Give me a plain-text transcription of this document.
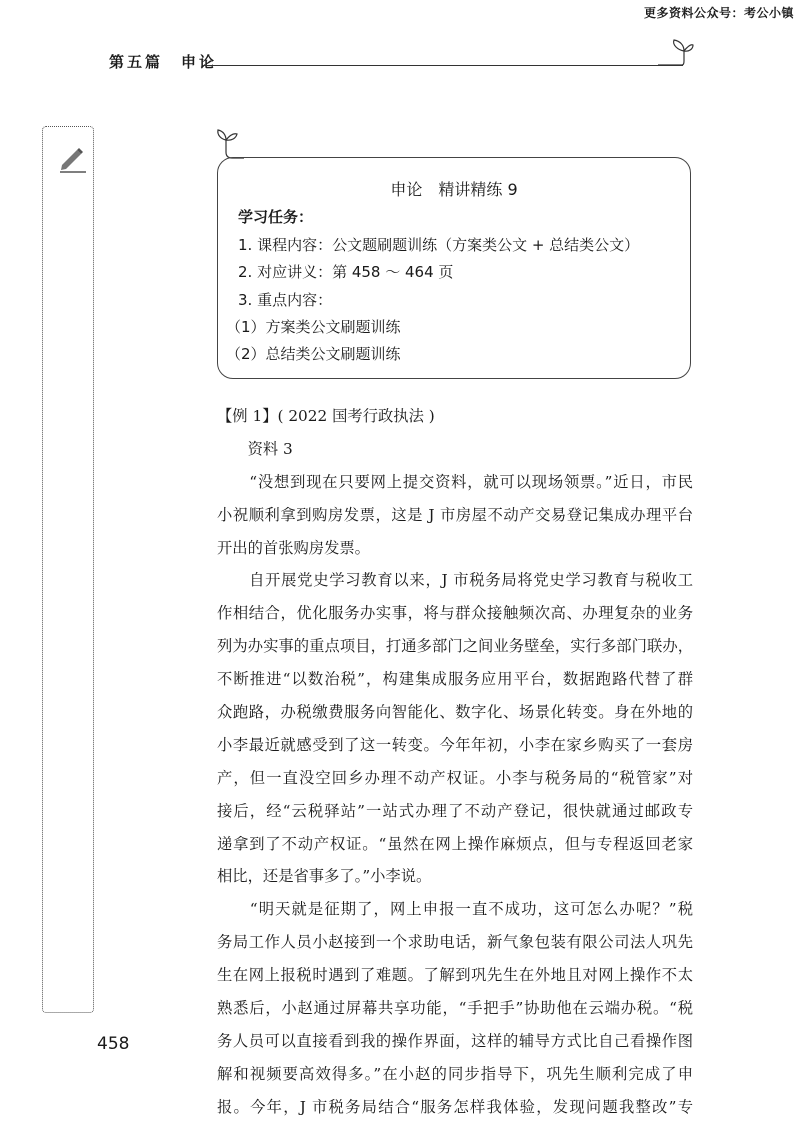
更多资料公众号：考公小镇
第五篇　申论
申论　精讲精练 9
学习任务：
1. 课程内容：公文题刷题训练（方案类公文 + 总结类公文）
2. 对应讲义：第 458 ～ 464 页
3. 重点内容：
（1）方案类公文刷题训练
（2）总结类公文刷题训练
【例 1】( 2022 国考行政执法 )
　　资料 3
　　“没想到现在只要网上提交资料，就可以现场领票。”近日，市民
小祝顺利拿到购房发票，这是 J 市房屋不动产交易登记集成办理平台
开出的首张购房发票。
　　自开展党史学习教育以来，J 市税务局将党史学习教育与税收工
作相结合，优化服务办实事，将与群众接触频次高、办理复杂的业务
列为办实事的重点项目，打通多部门之间业务壁垒，实行多部门联办，
不断推进“以数治税”，构建集成服务应用平台，数据跑路代替了群
众跑路，办税缴费服务向智能化、数字化、场景化转变。身在外地的
小李最近就感受到了这一转变。今年年初，小李在家乡购买了一套房
产，但一直没空回乡办理不动产权证。小李与税务局的“税管家”对
接后，经“云税驿站”一站式办理了不动产登记，很快就通过邮政专
递拿到了不动产权证。“虽然在网上操作麻烦点，但与专程返回老家
相比，还是省事多了。”小李说。
　　“明天就是征期了，网上申报一直不成功，这可怎么办呢？”税
务局工作人员小赵接到一个求助电话，新气象包装有限公司法人巩先
生在网上报税时遇到了难题。了解到巩先生在外地且对网上操作不太
熟悉后，小赵通过屏幕共享功能，“手把手”协助他在云端办税。“税
务人员可以直接看到我的操作界面，这样的辅导方式比自己看操作图
解和视频要高效得多。”在小赵的同步指导下，巩先生顺利完成了申
报。今年，J 市税务局结合“服务怎样我体验，发现问题我整改”专
458
